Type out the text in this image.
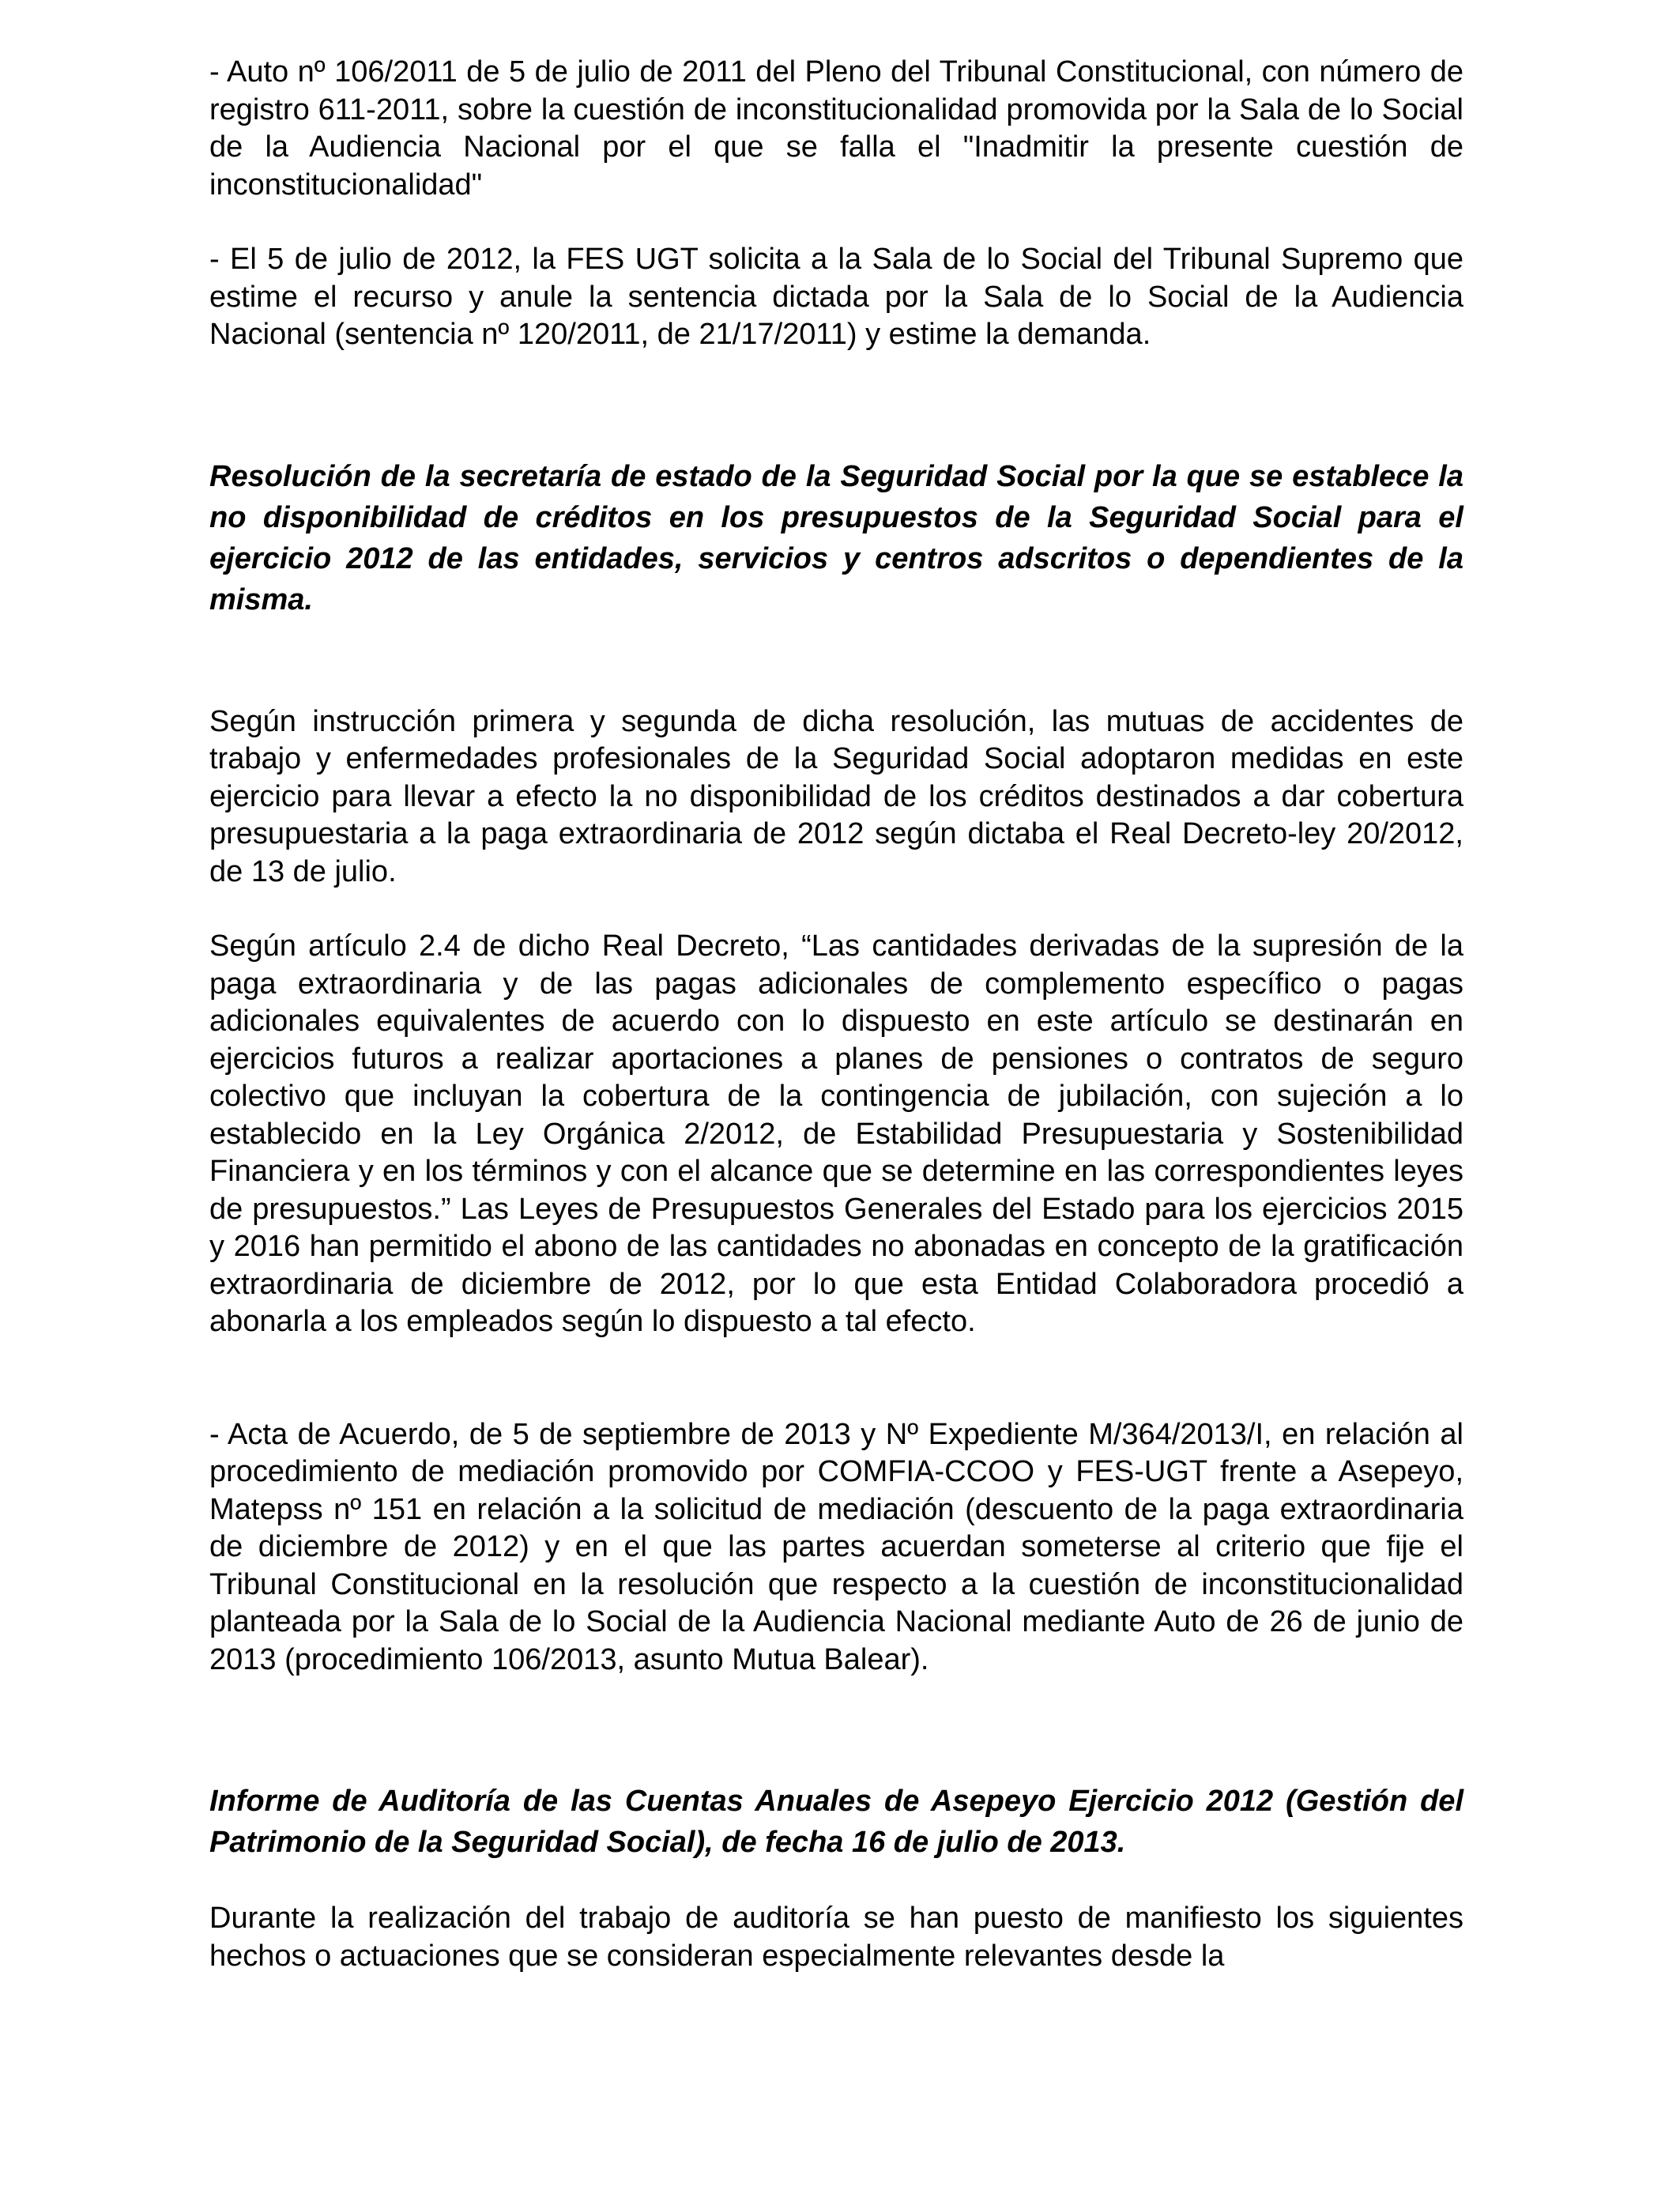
- Auto nº 106/2011 de 5 de julio de 2011 del Pleno del Tribunal Constitucional, con número de registro 611-2011, sobre la cuestión de inconstitucionalidad promovida por la Sala de lo Social de la Audiencia Nacional por el que se falla el "Inadmitir la presente cuestión de inconstitucionalidad"

- El 5 de julio de 2012, la FES UGT solicita a la Sala de lo Social del Tribunal Supremo que estime el recurso y anule la sentencia dictada por la Sala de lo Social de la Audiencia Nacional (sentencia nº 120/2011, de 21/17/2011) y estime la demanda.

Resolución de la secretaría de estado de la Seguridad Social por la que se establece la no disponibilidad de créditos en los presupuestos de la Seguridad Social para el ejercicio 2012 de las entidades, servicios y centros adscritos o dependientes de la misma.

Según instrucción primera y segunda de dicha resolución, las mutuas de accidentes de trabajo y enfermedades profesionales de la Seguridad Social adoptaron medidas en este ejercicio para llevar a efecto la no disponibilidad de los créditos destinados a dar cobertura presupuestaria a la paga extraordinaria de 2012 según dictaba el Real Decreto-ley 20/2012, de 13 de julio.

Según artículo 2.4 de dicho Real Decreto, “Las cantidades derivadas de la supresión de la paga extraordinaria y de las pagas adicionales de complemento específico o pagas adicionales equivalentes de acuerdo con lo dispuesto en este artículo se destinarán en ejercicios futuros a realizar aportaciones a planes de pensiones o contratos de seguro colectivo que incluyan la cobertura de la contingencia de jubilación, con sujeción a lo establecido en la Ley Orgánica 2/2012, de Estabilidad Presupuestaria y Sostenibilidad Financiera y en los términos y con el alcance que se determine en las correspondientes leyes de presupuestos.” Las Leyes de Presupuestos Generales del Estado para los ejercicios 2015 y 2016 han permitido el abono de las cantidades no abonadas en concepto de la gratificación extraordinaria de diciembre de 2012, por lo que esta Entidad Colaboradora procedió a abonarla a los empleados según lo dispuesto a tal efecto.

- Acta de Acuerdo, de 5 de septiembre de 2013 y Nº Expediente M/364/2013/I, en relación al procedimiento de mediación promovido por COMFIA-CCOO y FES-UGT frente a Asepeyo, Matepss nº 151 en relación a la solicitud de mediación (descuento de la paga extraordinaria de diciembre de 2012) y en el que las partes acuerdan someterse al criterio que fije el Tribunal Constitucional en la resolución que respecto a la cuestión de inconstitucionalidad planteada por la Sala de lo Social de la Audiencia Nacional mediante Auto de 26 de junio de 2013 (procedimiento 106/2013, asunto Mutua Balear).

Informe de Auditoría de las Cuentas Anuales de Asepeyo Ejercicio 2012 (Gestión del Patrimonio de la Seguridad Social), de fecha 16 de julio de 2013.

Durante la realización del trabajo de auditoría se han puesto de manifiesto los siguientes hechos o actuaciones que se consideran especialmente relevantes desde la
